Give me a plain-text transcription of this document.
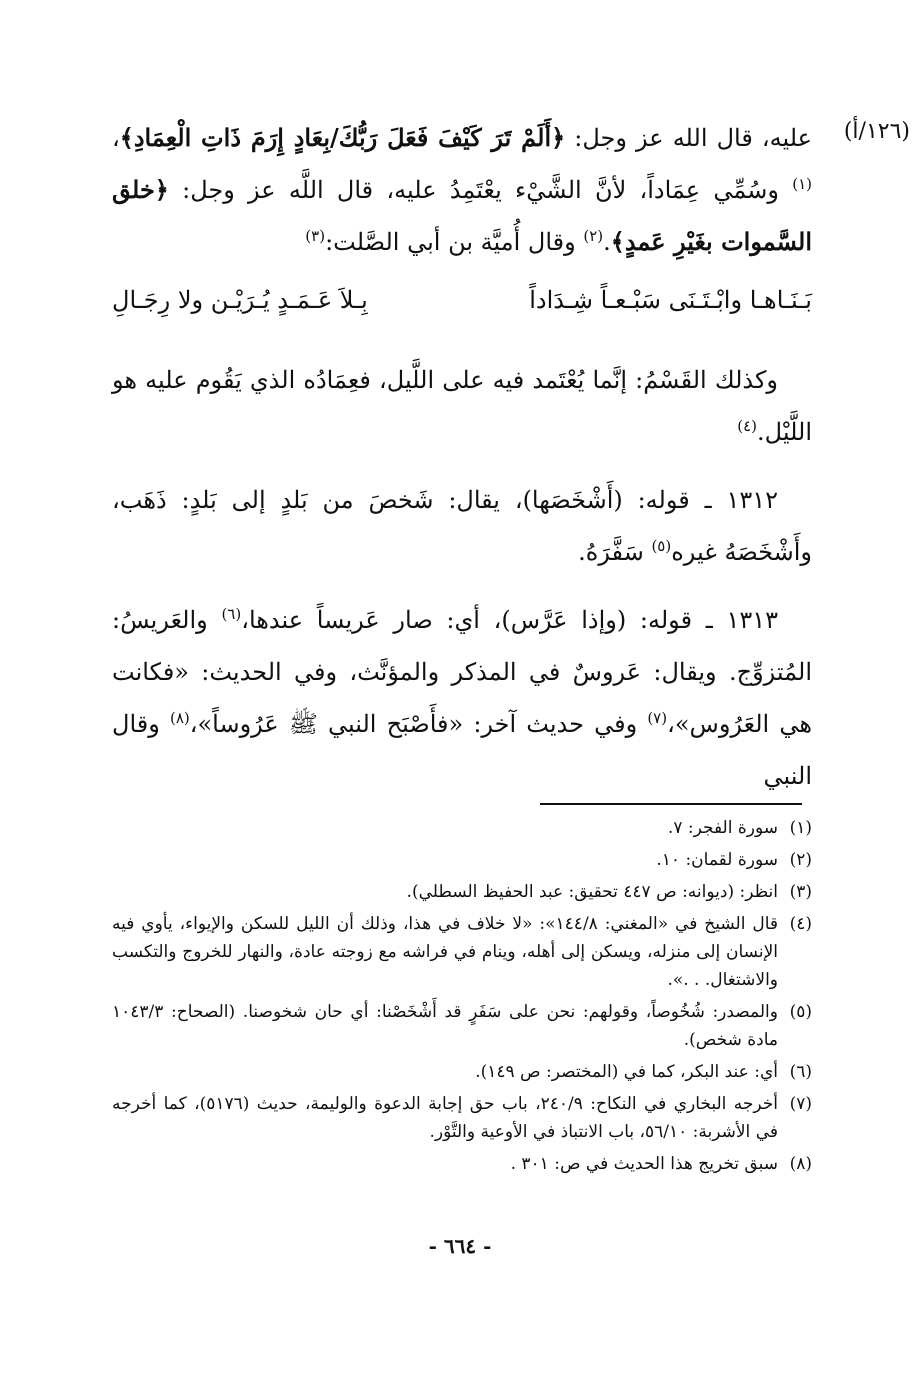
(١٢٦/أ)

عليه، قال الله عز وجل: ﴿أَلَمْ تَرَ كَيْفَ فَعَلَ رَبُّكَ/بِعَادٍ إِرَمَ ذَاتِ الْعِمَادِ﴾،$^{(١)}$ وسُمِّي عِمَاداً، لأنَّ الشَّيْء يعْتَمِدُ عليه، قال اللَّه عز وجل: ﴿خلق السَّموات بغَيْرِ عَمدٍ﴾.$^{(٢)}$ وقال أُميَّة بن أبي الصَّلت:$^{(٣)}$

بَـنَـاهـا وابْـتَـنَى سَبْـعـاً شِـدَاداً
بِـلاَ عَـمَـدٍ يُـرَيْـن ولا رِجَـالِ

وكذلك القَسْمُ: إنَّما يُعْتَمد فيه على اللَّيل، فعِمَادُه الذي يَقُوم عليه هو اللَّيْل.$^{(٤)}$

١٣١٢ ـ قوله: (أَشْخَصَها)، يقال: شَخصَ من بَلدٍ إلى بَلدٍ: ذَهَب، وأَشْخَصَهُ غيره$^{(٥)}$ سَفَّرَهُ.

١٣١٣ ـ قوله: (وإذا عَرَّس)، أي: صار عَريساً عندها،$^{(٦)}$ والعَريسُ: المُتزوِّج. ويقال: عَروسٌ في المذكر والمؤنَّث، وفي الحديث: «فكانت هي العَرُوس»،$^{(٧)}$ وفي حديث آخر: «فأَصْبَح النبي ﷺ عَرُوساً»،$^{(٨)}$ وقال النبي

(١)
سورة الفجر: ٧.
(٢)
سورة لقمان: ١٠.
(٣)
انظر: (ديوانه: ص ٤٤٧ تحقيق: عبد الحفيظ السطلي).
(٤)
قال الشيخ في «المغني: ١٤٤/٨»: «لا خلاف في هذا، وذلك أن الليل للسكن والإيواء، يأوي فيه الإنسان إلى منزله، ويسكن إلى أهله، وينام في فراشه مع زوجته عادة، والنهار للخروج والتكسب والاشتغال. . .».
(٥)
والمصدر: شُخُوصاً، وقولهم: نحن على سَفَرٍ قد أَشْخَصْنا: أي حان شخوصنا. (الصحاح: ١٠٤٣/٣ مادة شخص).
(٦)
أي: عند البكر، كما في (المختصر: ص ١٤٩).
(٧)
أخرجه البخاري في النكاح: ٢٤٠/٩، باب حق إجابة الدعوة والوليمة، حديث (٥١٧٦)، كما أخرجه في الأشربة: ٥٦/١٠، باب الانتباذ في الأوعية والتَّوْر.
(٨)
سبق تخريج هذا الحديث في ص: ٣٠١ .
- ٦٦٤ -
